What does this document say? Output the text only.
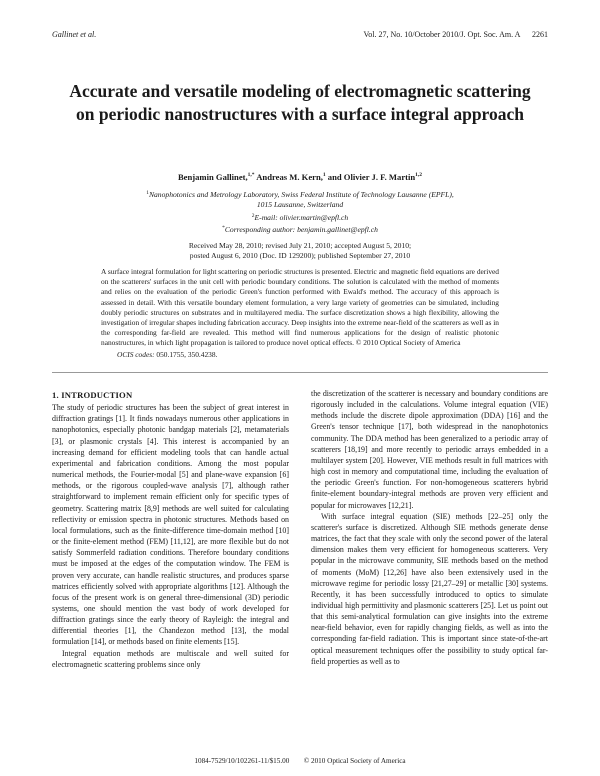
Gallinet et al.	Vol. 27, No. 10/October 2010/J. Opt. Soc. Am. A      2261
Accurate and versatile modeling of electromagnetic scattering on periodic nanostructures with a surface integral approach
Benjamin Gallinet,$^{1,*}$ Andreas M. Kern,$^1$ and Olivier J. F. Martin$^{1,2}$
$^1$Nanophotonics and Metrology Laboratory, Swiss Federal Institute of Technology Lausanne (EPFL),
1015 Lausanne, Switzerland
$^2$E-mail: olivier.martin@epfl.ch
*Corresponding author: benjamin.gallinet@epfl.ch
Received May 28, 2010; revised July 21, 2010; accepted August 5, 2010;
posted August 6, 2010 (Doc. ID 129200); published September 27, 2010
A surface integral formulation for light scattering on periodic structures is presented. Electric and magnetic field equations are derived on the scatterers' surfaces in the unit cell with periodic boundary conditions. The solution is calculated with the method of moments and relies on the evaluation of the periodic Green's function performed with Ewald's method. The accuracy of this approach is assessed in detail. With this versatile boundary element formulation, a very large variety of geometries can be simulated, including doubly periodic structures on substrates and in multilayered media. The surface discretization shows a high flexibility, allowing the investigation of irregular shapes including fabrication accuracy. Deep insights into the extreme near-field of the scatterers as well as in the corresponding far-field are revealed. This method will find numerous applications for the design of realistic photonic nanostructures, in which light propagation is tailored to produce novel optical effects. © 2010 Optical Society of America
OCIS codes: 050.1755, 350.4238.
1. INTRODUCTION

The study of periodic structures has been the subject of great interest in diffraction gratings [1]. It finds nowadays numerous other applications in nanophotonics, especially photonic bandgap materials [2], metamaterials [3], or plasmonic crystals [4]. This interest is accompanied by an increasing demand for efficient modeling tools that can handle actual experimental and fabrication conditions. Among the most popular numerical methods, the Fourier-modal [5] and plane-wave expansion [6] methods, or the rigorous coupled-wave analysis [7], although rather straightforward to implement remain efficient only for specific types of geometry. Scattering matrix [8,9] methods are well suited for calculating reflectivity or emission spectra in photonic structures. Methods based on local formulations, such as the finite-difference time-domain method [10] or the finite-element method (FEM) [11,12], are more flexible but do not satisfy Sommerfeld radiation conditions. Therefore boundary conditions must be imposed at the edges of the computation window. The FEM is proven very accurate, can handle realistic structures, and produces sparse matrices efficiently solved with appropriate algorithms [12]. Although the focus of the present work is on general three-dimensional (3D) periodic systems, one should mention the vast body of work developed for diffraction gratings since the early theory of Rayleigh: the integral and differential theories [1], the Chandezon method [13], the modal formulation [14], or methods based on finite elements [15].

Integral equation methods are multiscale and well suited for electromagnetic scattering problems since only

the discretization of the scatterer is necessary and boundary conditions are rigorously included in the calculations. Volume integral equation (VIE) methods include the discrete dipole approximation (DDA) [16] and the Green's tensor technique [17], both widespread in the nanophotonics community. The DDA method has been generalized to a periodic array of scatterers [18,19] and more recently to periodic arrays embedded in a multilayer system [20]. However, VIE methods result in full matrices with high cost in memory and computational time, including the evaluation of the periodic Green's function. For non-homogeneous scatterers hybrid finite-element boundary-integral methods are proven very efficient and popular for microwaves [12,21].

With surface integral equation (SIE) methods [22–25] only the scatterer's surface is discretized. Although SIE methods generate dense matrices, the fact that they scale with only the second power of the lateral dimension makes them very efficient for homogeneous scatterers. Very popular in the microwave community, SIE methods based on the method of moments (MoM) [12,26] have also been extensively used in the microwave regime for periodic lossy [21,27–29] or metallic [30] systems. Recently, it has been successfully introduced to optics to simulate individual high permittivity and plasmonic scatterers [25]. Let us point out that this semi-analytical formulation can give insights into the extreme near-field behavior, even for rapidly changing fields, as well as into the corresponding far-field radiation. This is important since state-of-the-art optical measurement techniques offer the possibility to study optical far-field properties as well as to

1084-7529/10/102261-11/$15.00        © 2010 Optical Society of America
